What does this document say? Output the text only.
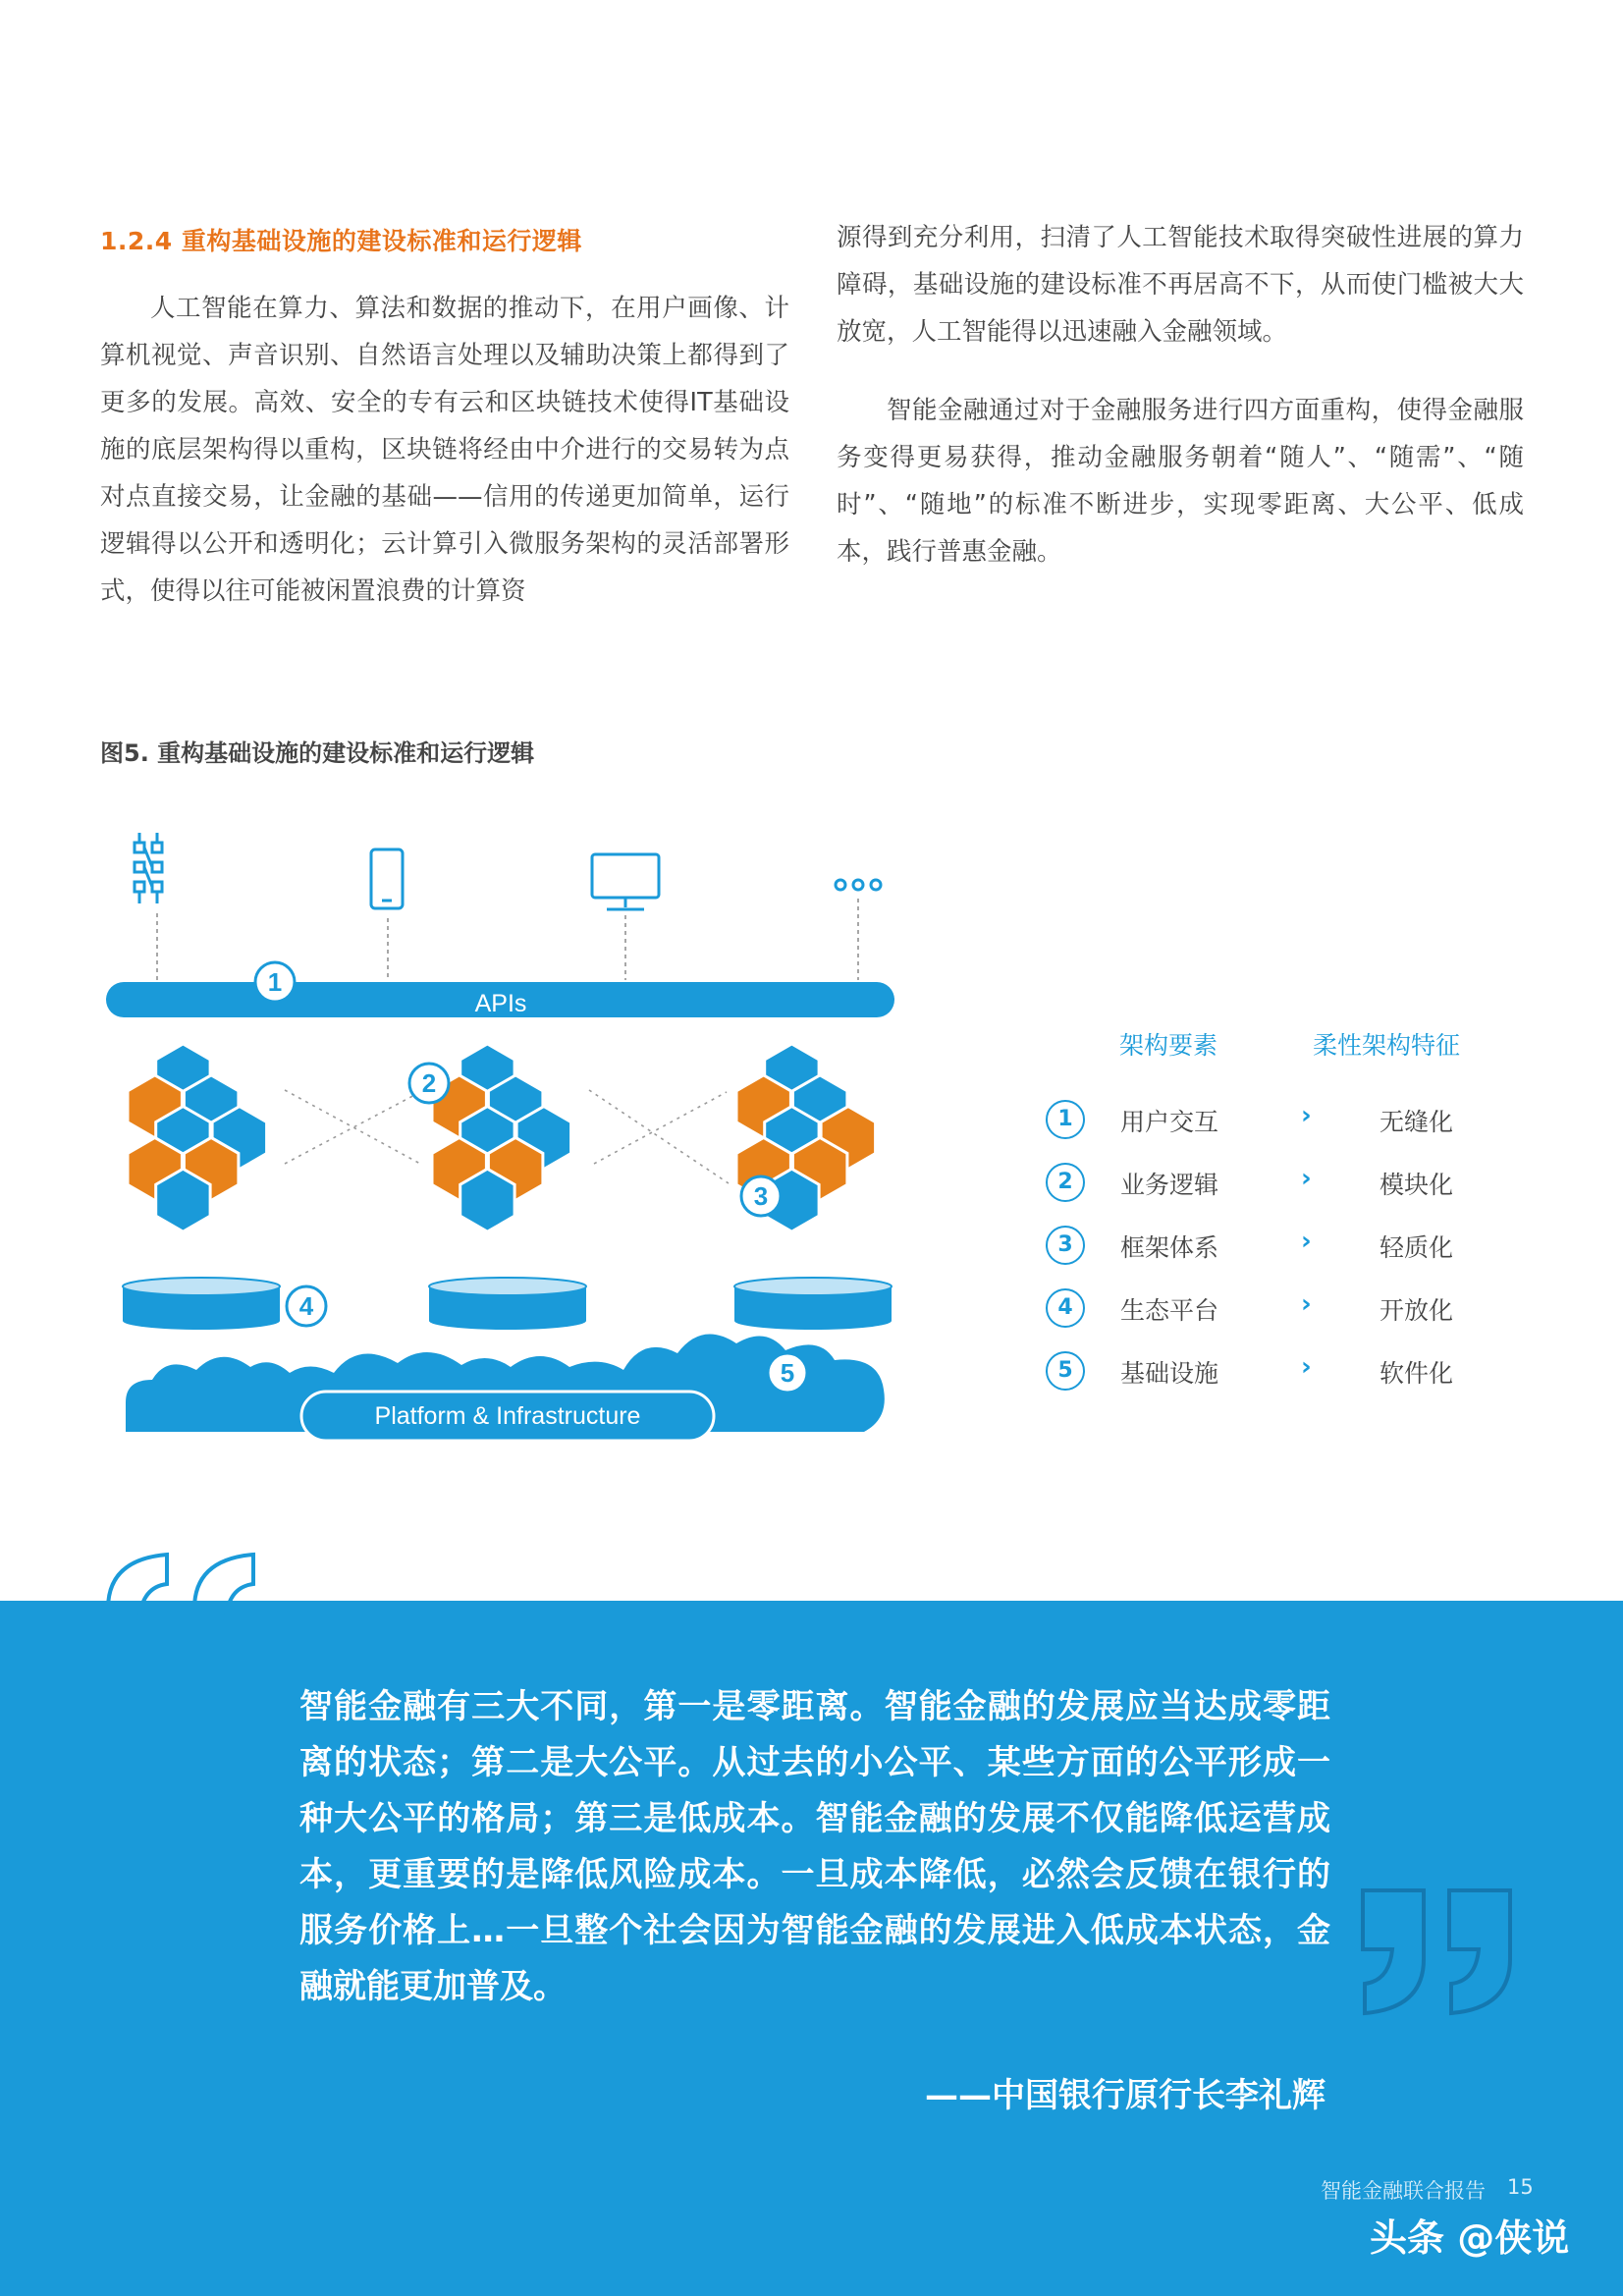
1.2.4 重构基础设施的建设标准和运行逻辑

人工智能在算力、算法和数据的推动下，在用户画像、计算机视觉、声音识别、自然语言处理以及辅助决策上都得到了更多的发展。高效、安全的专有云和区块链技术使得IT基础设施的底层架构得以重构，区块链将经由中介进行的交易转为点对点直接交易，让金融的基础——信用的传递更加简单，运行逻辑得以公开和透明化；云计算引入微服务架构的灵活部署形式，使得以往可能被闲置浪费的计算资

源得到充分利用，扫清了人工智能技术取得突破性进展的算力障碍，基础设施的建设标准不再居高不下，从而使门槛被大大放宽，人工智能得以迅速融入金融领域。

智能金融通过对于金融服务进行四方面重构，使得金融服务变得更易获得，推动金融服务朝着“随人”、“随需”、“随时”、“随地”的标准不断进步，实现零距离、大公平、低成本，践行普惠金融。

图5. 重构基础设施的建设标准和运行逻辑
APIs
Platform & Infrastructure
1
2
3
4
5
架构要素	柔性架构特征
1	用户交互	›	无缝化
2	业务逻辑	›	模块化
3	框架体系	›	轻质化
4	生态平台	›	开放化
5	基础设施	›	软件化

智能金融有三大不同，第一是零距离。智能金融的发展应当达成零距离的状态；第二是大公平。从过去的小公平、某些方面的公平形成一种大公平的格局；第三是低成本。智能金融的发展不仅能降低运营成本，更重要的是降低风险成本。一旦成本降低，必然会反馈在银行的服务价格上…一旦整个社会因为智能金融的发展进入低成本状态，金融就能更加普及。

——中国银行原行长李礼辉

智能金融联合报告 15
头条 @侠说
